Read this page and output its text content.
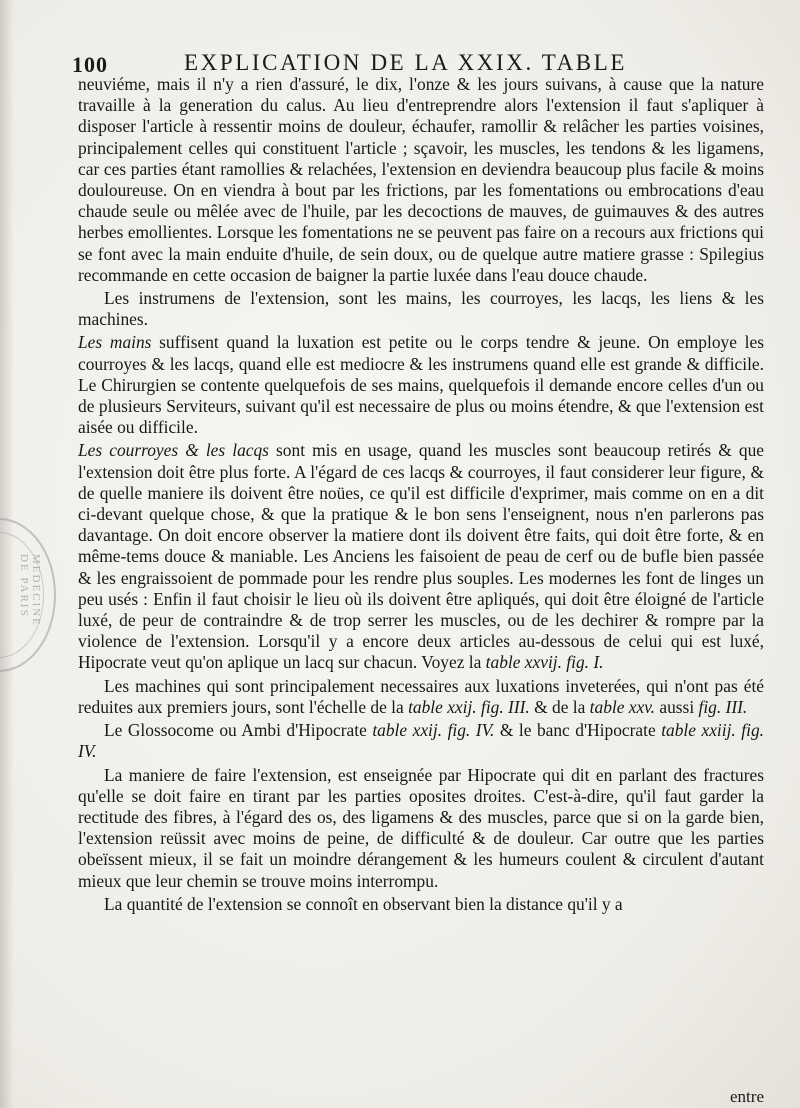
MEDECINE DE PARIS
100	EXPLICATION DE LA XXIX. TABLE

neuviéme, mais il n'y a rien d'assuré, le dix, l'onze & les jours suivans, à cause que la nature travaille à la generation du calus. Au lieu d'entreprendre alors l'extension il faut s'apliquer à disposer l'article à ressentir moins de douleur, échaufer, ramollir & relâcher les parties voisines, principalement celles qui constituent l'article ; sçavoir, les muscles, les tendons & les ligamens, car ces parties étant ramollies & relachées, l'extension en deviendra beaucoup plus facile & moins douloureuse. On en viendra à bout par les frictions, par les fomentations ou embrocations d'eau chaude seule ou mêlée avec de l'huile, par les decoctions de mauves, de guimauves & des autres herbes emollientes. Lorsque les fomentations ne se peuvent pas faire on a recours aux frictions qui se font avec la main enduite d'huile, de sein doux, ou de quelque autre matiere grasse : Spilegius recommande en cette occasion de baigner la partie luxée dans l'eau douce chaude.

Les instrumens de l'extension, sont les mains, les courroyes, les lacqs, les liens & les machines.

Les mains suffisent quand la luxation est petite ou le corps tendre & jeune. On employe les courroyes & les lacqs, quand elle est mediocre & les instrumens quand elle est grande & difficile. Le Chirurgien se contente quelquefois de ses mains, quelquefois il demande encore celles d'un ou de plusieurs Serviteurs, suivant qu'il est necessaire de plus ou moins étendre, & que l'extension est aisée ou difficile.

Les courroyes & les lacqs sont mis en usage, quand les muscles sont beaucoup retirés & que l'extension doit être plus forte. A l'égard de ces lacqs & courroyes, il faut considerer leur figure, & de quelle maniere ils doivent être noües, ce qu'il est difficile d'exprimer, mais comme on en a dit ci-devant quelque chose, & que la pratique & le bon sens l'enseignent, nous n'en parlerons pas davantage. On doit encore observer la matiere dont ils doivent être faits, qui doit être forte, & en même-tems douce & maniable. Les Anciens les faisoient de peau de cerf ou de bufle bien passée & les engraissoient de pommade pour les rendre plus souples. Les modernes les font de linges un peu usés : Enfin il faut choisir le lieu où ils doivent être apliqués, qui doit être éloigné de l'article luxé, de peur de contraindre & de trop serrer les muscles, ou de les dechirer & rompre par la violence de l'extension. Lorsqu'il y a encore deux articles au-dessous de celui qui est luxé, Hipocrate veut qu'on aplique un lacq sur chacun. Voyez la table xxvij. fig. I.

Les machines qui sont principalement necessaires aux luxations inveterées, qui n'ont pas été reduites aux premiers jours, sont l'échelle de la table xxij. fig. III. & de la table xxv. aussi fig. III.

Le Glossocome ou Ambi d'Hipocrate table xxij. fig. IV. & le banc d'Hipocrate table xxiij. fig. IV.

La maniere de faire l'extension, est enseignée par Hipocrate qui dit en parlant des fractures qu'elle se doit faire en tirant par les parties oposites droites. C'est-à-dire, qu'il faut garder la rectitude des fibres, à l'égard des os, des ligamens & des muscles, parce que si on la garde bien, l'extension reüssit avec moins de peine, de difficulté & de douleur. Car outre que les parties obeïssent mieux, il se fait un moindre dérangement & les humeurs coulent & circulent d'autant mieux que leur chemin se trouve moins interrompu.

La quantité de l'extension se connoît en observant bien la distance qu'il y a

entre
